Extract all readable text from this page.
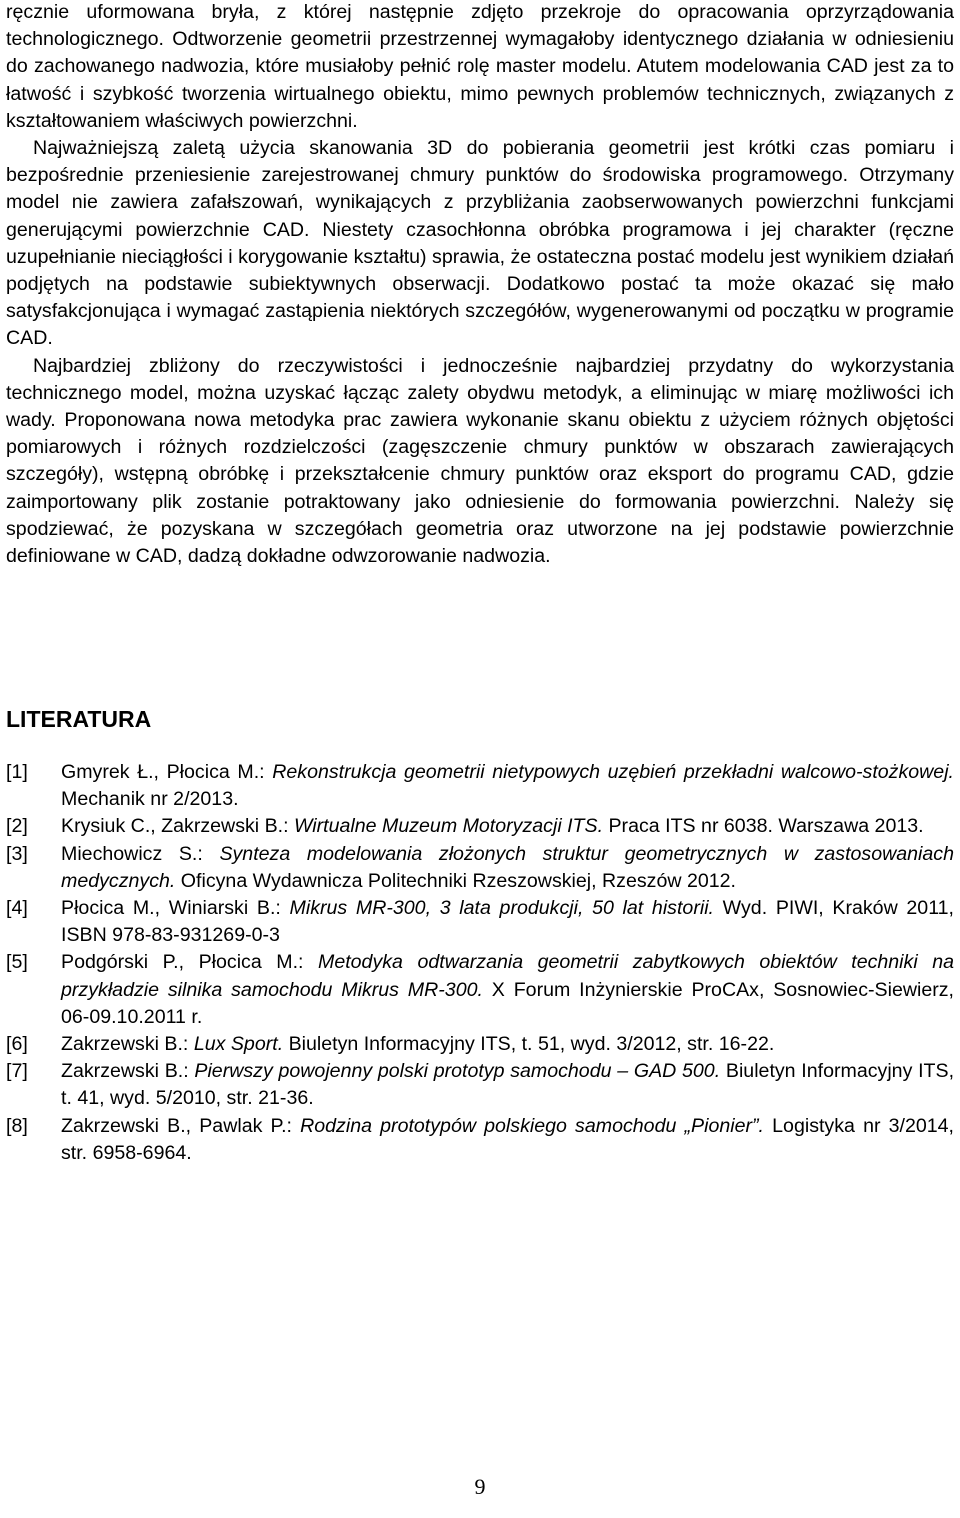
ręcznie uformowana bryła, z której następnie zdjęto przekroje do opracowania oprzyrządowania technologicznego. Odtworzenie geometrii przestrzennej wymagałoby identycznego działania w odniesieniu do zachowanego nadwozia, które musiałoby pełnić rolę master modelu. Atutem modelowania CAD jest za to łatwość i szybkość tworzenia wirtualnego obiektu, mimo pewnych problemów technicznych, związanych z kształtowaniem właściwych powierzchni.

Najważniejszą zaletą użycia skanowania 3D do pobierania geometrii jest krótki czas pomiaru i bezpośrednie przeniesienie zarejestrowanej chmury punktów do środowiska programowego. Otrzymany model nie zawiera zafałszowań, wynikających z przybliżania zaobserwowanych powierzchni funkcjami generującymi powierzchnie CAD. Niestety czasochłonna obróbka programowa i jej charakter (ręczne uzupełnianie nieciągłości i korygowanie kształtu) sprawia, że ostateczna postać modelu jest wynikiem działań podjętych na podstawie subiektywnych obserwacji. Dodatkowo postać ta może okazać się mało satysfakcjonująca i wymagać zastąpienia niektórych szczegółów, wygenerowanymi od początku w programie CAD.

Najbardziej zbliżony do rzeczywistości i jednocześnie najbardziej przydatny do wykorzystania technicznego model, można uzyskać łącząc zalety obydwu metodyk, a eliminując w miarę możliwości ich wady. Proponowana nowa metodyka prac zawiera wykonanie skanu obiektu z użyciem różnych objętości pomiarowych i różnych rozdzielczości (zagęszczenie chmury punktów w obszarach zawierających szczegóły), wstępną obróbkę i przekształcenie chmury punktów oraz eksport do programu CAD, gdzie zaimportowany plik zostanie potraktowany jako odniesienie do formowania powierzchni. Należy się spodziewać, że pozyskana w szczegółach geometria oraz utworzone na jej podstawie powierzchnie definiowane w CAD, dadzą dokładne odwzorowanie nadwozia.

LITERATURA
[1]	Gmyrek Ł., Płocica M.: Rekonstrukcja geometrii nietypowych uzębień przekładni walcowo-stożkowej. Mechanik nr 2/2013.
[2]	Krysiuk C., Zakrzewski B.: Wirtualne Muzeum Motoryzacji ITS. Praca ITS nr 6038. Warszawa 2013.
[3]	Miechowicz S.: Synteza modelowania złożonych struktur geometrycznych w zastosowaniach medycznych. Oficyna Wydawnicza Politechniki Rzeszowskiej, Rzeszów 2012.
[4]	Płocica M., Winiarski B.: Mikrus MR-300, 3 lata produkcji, 50 lat historii. Wyd. PIWI, Kraków 2011, ISBN 978-83-931269-0-3
[5]	Podgórski P., Płocica M.: Metodyka odtwarzania geometrii zabytkowych obiektów techniki na przykładzie silnika samochodu Mikrus MR-300. X Forum Inżynierskie ProCAx, Sosnowiec-Siewierz, 06-09.10.2011 r.
[6]	Zakrzewski B.: Lux Sport. Biuletyn Informacyjny ITS, t. 51, wyd. 3/2012, str. 16-22.
[7]	Zakrzewski B.: Pierwszy powojenny polski prototyp samochodu – GAD 500. Biuletyn Informacyjny ITS, t. 41, wyd. 5/2010, str. 21-36.
[8]	Zakrzewski B., Pawlak P.: Rodzina prototypów polskiego samochodu „Pionier”. Logistyka nr 3/2014, str. 6958-6964.
9
